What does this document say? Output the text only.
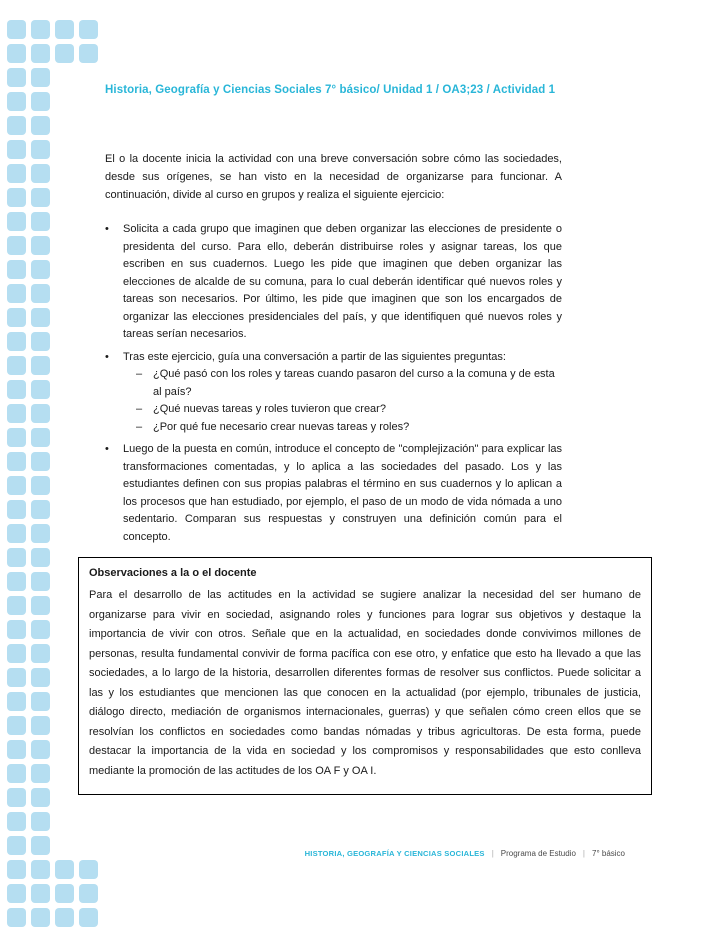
Historia, Geografía y Ciencias Sociales 7° básico/ Unidad 1 / OA3;23 / Actividad 1

El o la docente inicia la actividad con una breve conversación sobre cómo las sociedades, desde sus orígenes, se han visto en la necesidad de organizarse para funcionar. A continuación, divide al curso en grupos y realiza el siguiente ejercicio:

•	Solicita a cada grupo que imaginen que deben organizar las elecciones de presidente o presidenta del curso. Para ello, deberán distribuirse roles y asignar tareas, los que escriben en sus cuadernos. Luego les pide que imaginen que deben organizar las elecciones de alcalde de su comuna, para lo cual deberán identificar qué nuevos roles y tareas son necesarios. Por último, les pide que imaginen que son los encargados de organizar las elecciones presidenciales del país, y que identifiquen qué nuevos roles y tareas serían necesarios.
•	Tras este ejercicio, guía una conversación a partir de las siguientes preguntas:
– ¿Qué pasó con los roles y tareas cuando pasaron del curso a la comuna y de esta al país?
– ¿Qué nuevas tareas y roles tuvieron que crear?
– ¿Por qué fue necesario crear nuevas tareas y roles?
•	Luego de la puesta en común, introduce el concepto de "complejización" para explicar las transformaciones comentadas, y lo aplica a las sociedades del pasado. Los y las estudiantes definen con sus propias palabras el término en sus cuadernos y lo aplican a los procesos que han estudiado, por ejemplo, el paso de un modo de vida nómada a uno sedentario. Comparan sus respuestas y construyen una definición común para el concepto.
Observaciones a la o el docente

Para el desarrollo de las actitudes en la actividad se sugiere analizar la necesidad del ser humano de organizarse para vivir en sociedad, asignando roles y funciones para lograr sus objetivos y destaque la importancia de vivir con otros. Señale que en la actualidad, en sociedades donde convivimos millones de personas, resulta fundamental convivir de forma pacífica con ese otro, y enfatice que esto ha llevado a que las sociedades, a lo largo de la historia, desarrollen diferentes formas de resolver sus conflictos. Puede solicitar a las y los estudiantes que mencionen las que conocen en la actualidad (por ejemplo, tribunales de justicia, diálogo directo, mediación de organismos internacionales, guerras) y que señalen cómo creen ellos que se resolvían los conflictos en sociedades como bandas nómadas y tribus agricultoras. De esta forma, puede destacar la importancia de la vida en sociedad y los compromisos y responsabilidades que esto conlleva mediante la promoción de las actitudes de los OA F y OA I.

HISTORIA, GEOGRAFÍA Y CIENCIAS SOCIALES | Programa de Estudio | 7° básico
